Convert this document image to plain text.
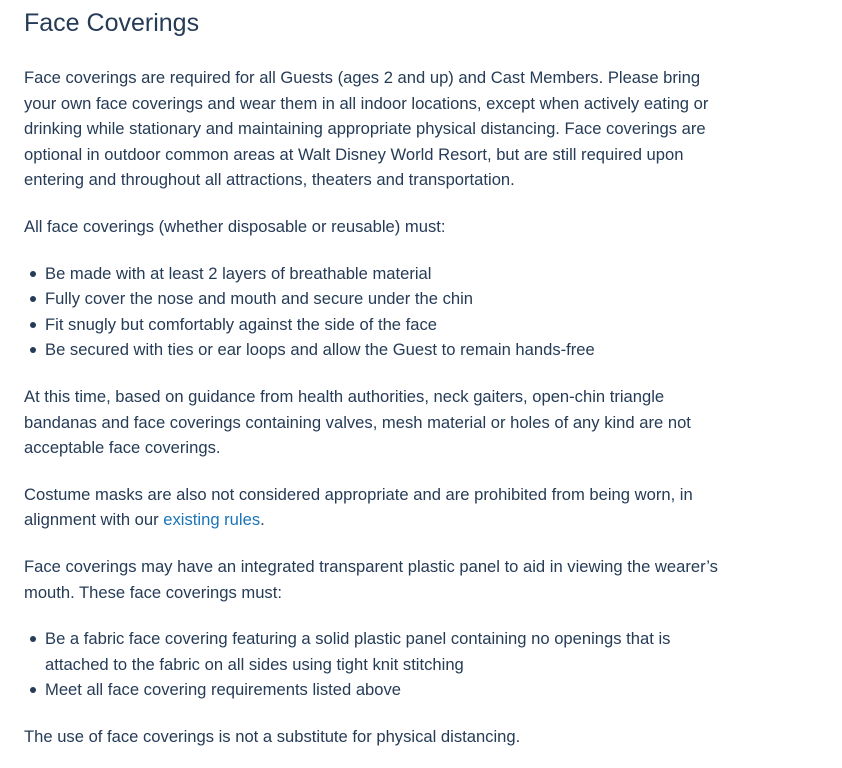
Face Coverings

Face coverings are required for all Guests (ages 2 and up) and Cast Members. Please bring your own face coverings and wear them in all indoor locations, except when actively eating or drinking while stationary and maintaining appropriate physical distancing. Face coverings are optional in outdoor common areas at Walt Disney World Resort, but are still required upon entering and throughout all attractions, theaters and transportation.

All face coverings (whether disposable or reusable) must:

Be made with at least 2 layers of breathable material
Fully cover the nose and mouth and secure under the chin
Fit snugly but comfortably against the side of the face
Be secured with ties or ear loops and allow the Guest to remain hands-free

At this time, based on guidance from health authorities, neck gaiters, open-chin triangle bandanas and face coverings containing valves, mesh material or holes of any kind are not acceptable face coverings.

Costume masks are also not considered appropriate and are prohibited from being worn, in alignment with our existing rules.

Face coverings may have an integrated transparent plastic panel to aid in viewing the wearer’s mouth. These face coverings must:

Be a fabric face covering featuring a solid plastic panel containing no openings that is attached to the fabric on all sides using tight knit stitching
Meet all face covering requirements listed above

The use of face coverings is not a substitute for physical distancing.
